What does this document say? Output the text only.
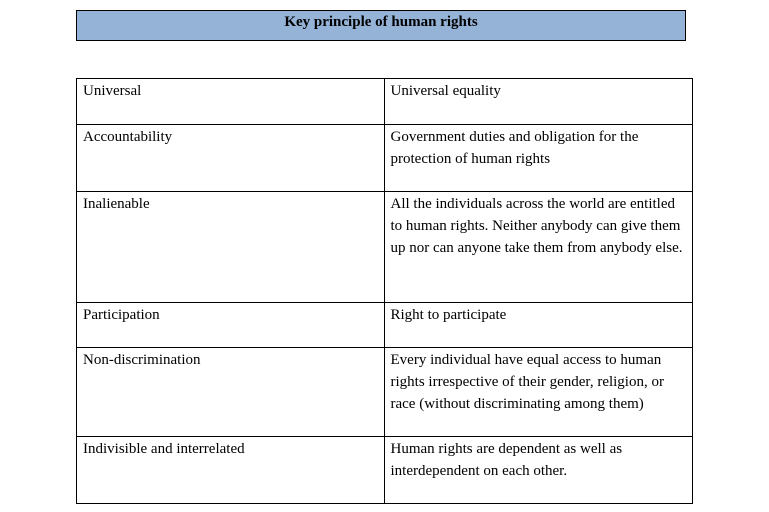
Key principle of human rights
Universal	Universal equality
Accountability	Government duties and obligation for the protection of human rights
Inalienable	All the individuals across the world are entitled to human rights. Neither anybody can give them up nor can anyone take them from anybody else.
Participation	Right to participate
Non-discrimination	Every individual have equal access to human rights irrespective of their gender, religion, or race (without discriminating among them)
Indivisible and interrelated	Human rights are dependent as well as interdependent on each other.
